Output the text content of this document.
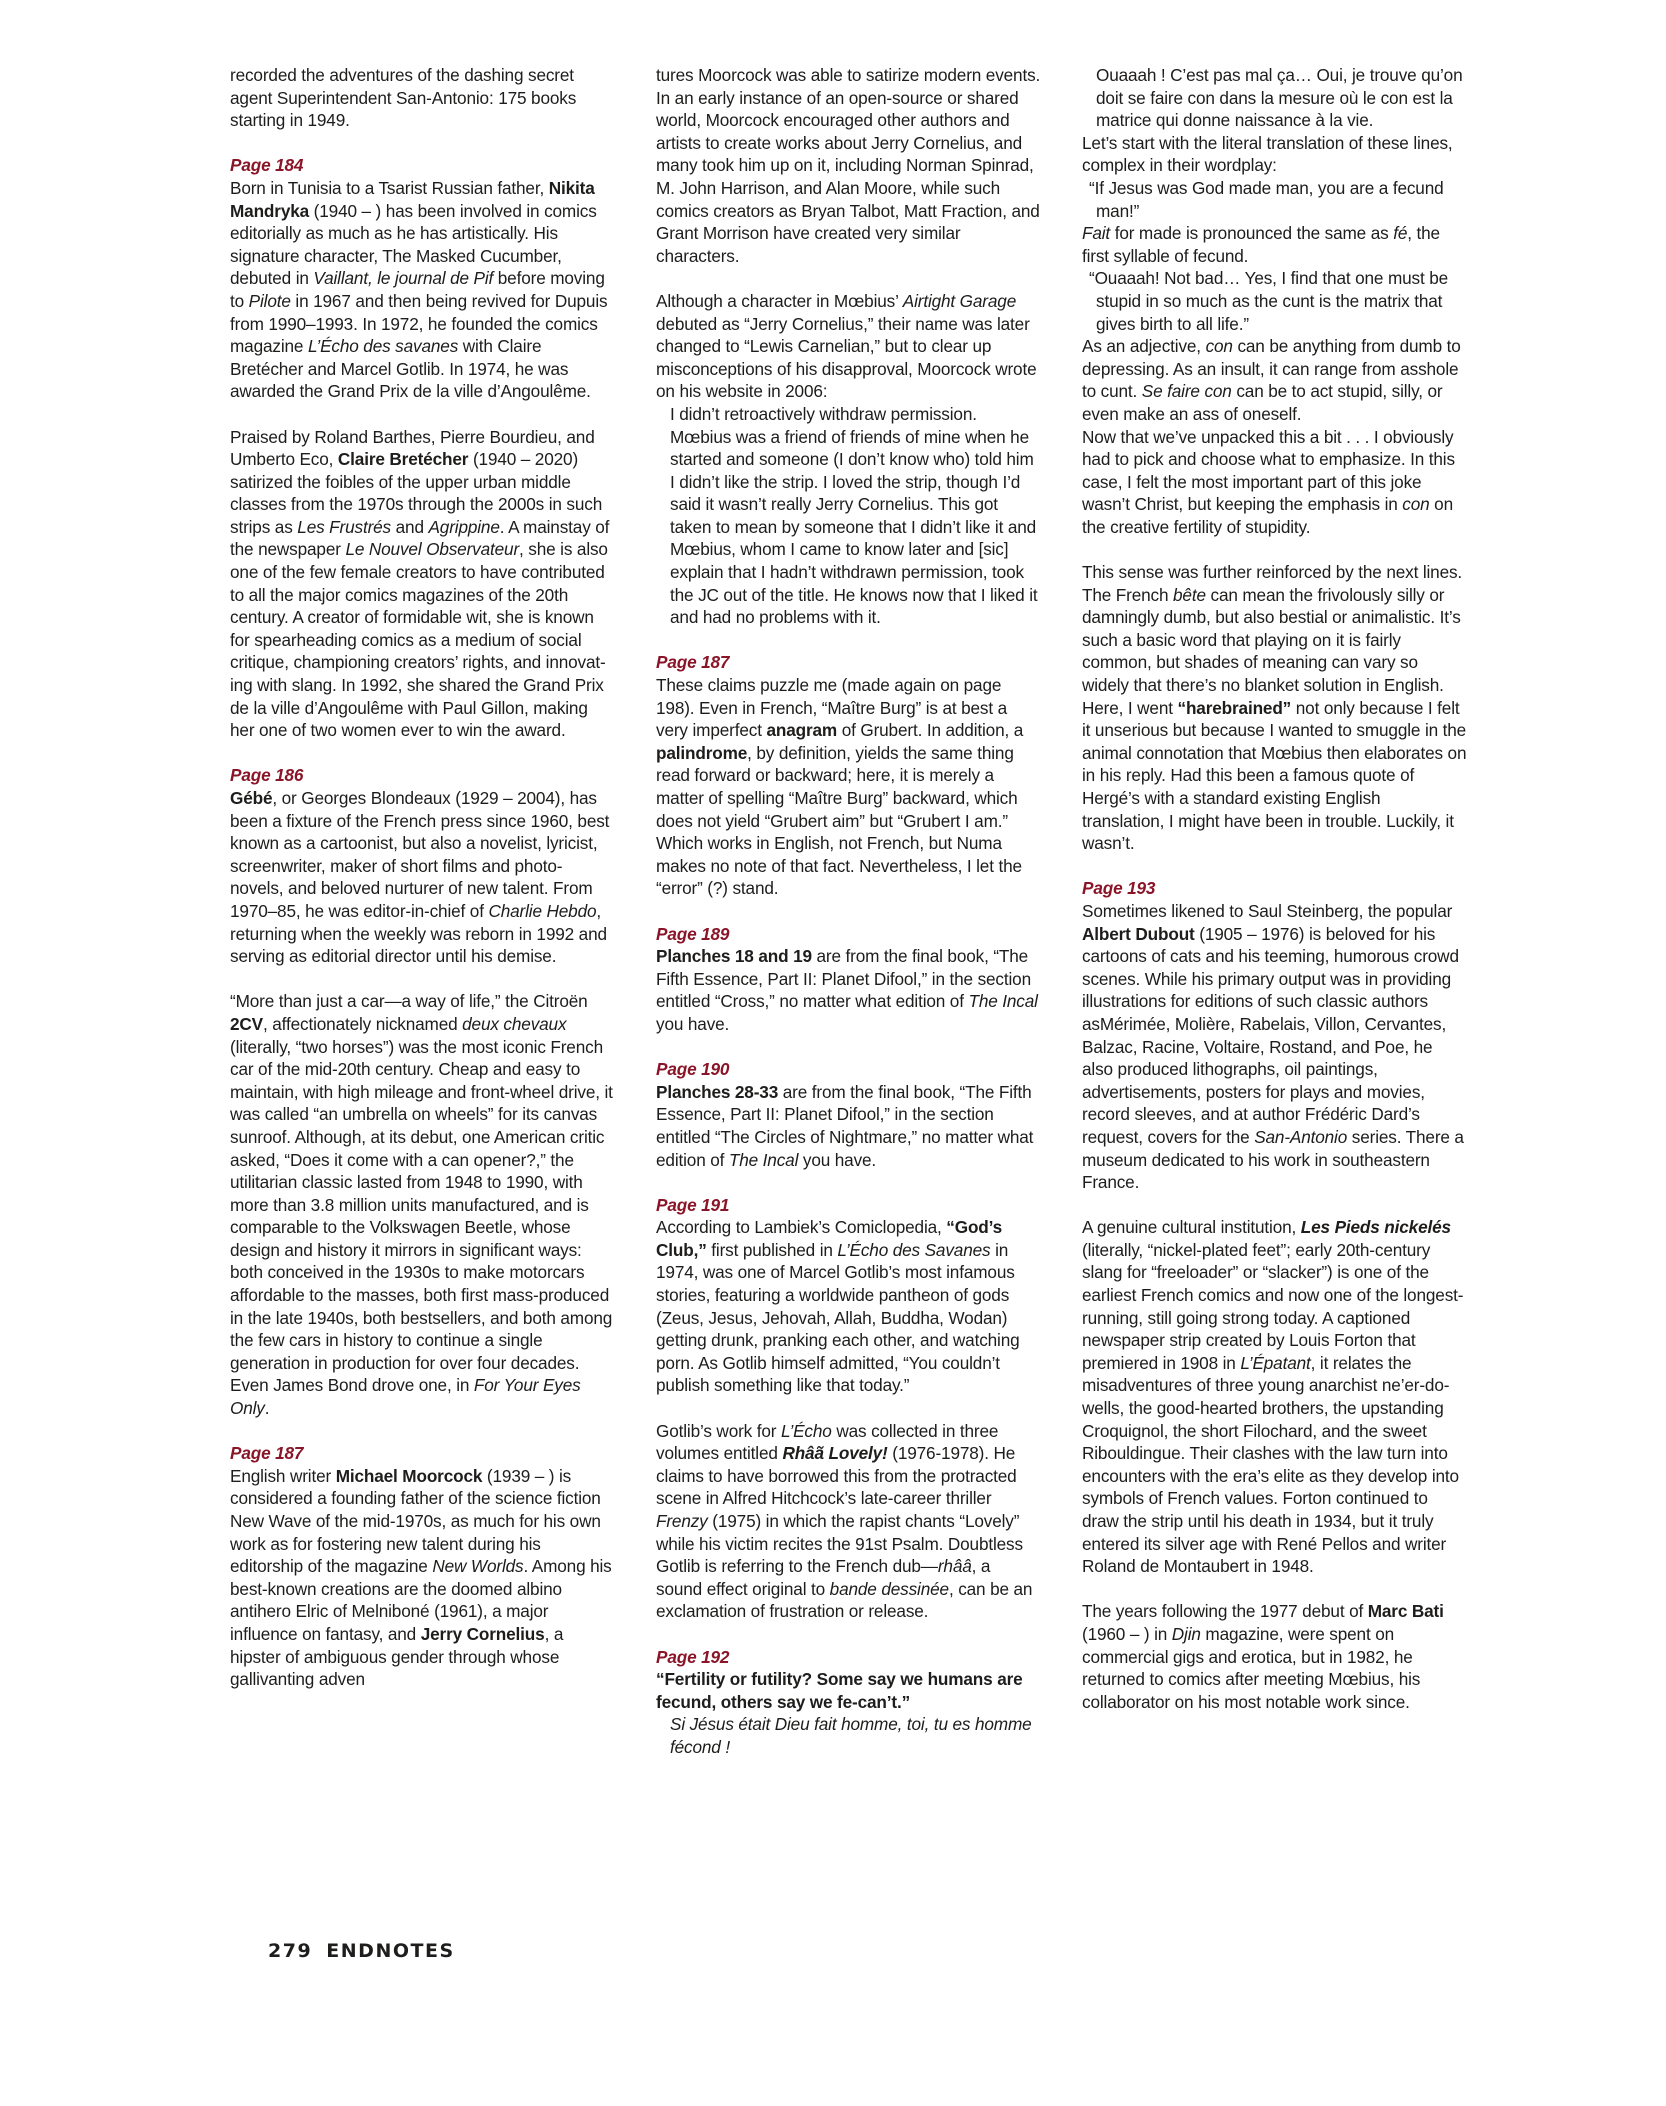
recorded the adventures of the dashing secret agent Superintendent San-Antonio: 175 books starting in 1949.

Page 184

Born in Tunisia to a Tsarist Russian father, Nikita Mandryka (1940 – ) has been involved in comics editorially as much as he has artistically. His signature character, The Masked Cucumber, debuted in Vaillant, le journal de Pif before moving to Pilote in 1967 and then being revived for Dupuis from 1990–1993. In 1972, he founded the comics magazine L’Écho des savanes with Claire Bretécher and Marcel Gotlib. In 1974, he was awarded the Grand Prix de la ville d’Angoulême.

Praised by Roland Barthes, Pierre Bourdieu, and Umberto Eco, Claire Bretécher (1940 – 2020) satirized the foibles of the upper urban middle classes from the 1970s through the 2000s in such strips as Les Frustrés and Agrippine. A mainstay of the newspaper Le Nouvel Observateur, she is also one of the few female creators to have contributed to all the major comics magazines of the 20th century. A creator of formidable wit, she is known for spearheading comics as a medium of social critique, championing creators’ rights, and innovating with slang. In 1992, she shared the Grand Prix de la ville d’Angoulême with Paul Gillon, making her one of two women ever to win the award.

Page 186

Gébé, or Georges Blondeaux (1929 – 2004), has been a fixture of the French press since 1960, best known as a cartoonist, but also a novelist, lyricist, screenwriter, maker of short films and photo-novels, and beloved nurturer of new talent. From 1970–85, he was editor-in-chief of Charlie Hebdo, returning when the weekly was reborn in 1992 and serving as editorial director until his demise.

“More than just a car—a way of life,” the Citroën 2CV, affectionately nicknamed deux chevaux (literally, “two horses”) was the most iconic French car of the mid-20th century. Cheap and easy to maintain, with high mileage and front-wheel drive, it was called “an umbrella on wheels” for its canvas sunroof. Although, at its debut, one American critic asked, “Does it come with a can opener?,” the utilitarian classic lasted from 1948 to 1990, with more than 3.8 million units manufactured, and is comparable to the Volkswagen Beetle, whose design and history it mirrors in significant ways: both conceived in the 1930s to make motorcars affordable to the masses, both first mass-produced in the late 1940s, both bestsellers, and both among the few cars in history to continue a single generation in production for over four decades. Even James Bond drove one, in For Your Eyes Only.

Page 187

English writer Michael Moorcock (1939 – ) is considered a founding father of the science fiction New Wave of the mid-1970s, as much for his own work as for fostering new talent during his editorship of the magazine New Worlds. Among his best-known creations are the doomed albino antihero Elric of Melniboné (1961), a major influence on fantasy, and Jerry Cornelius, a hipster of ambiguous gender through whose gallivanting adven

tures Moorcock was able to satirize modern events. In an early instance of an open-source or shared world, Moorcock encouraged other authors and artists to create works about Jerry Cornelius, and many took him up on it, including Norman Spinrad, M. John Harrison, and Alan Moore, while such comics creators as Bryan Talbot, Matt Fraction, and Grant Morrison have created very similar characters.

Although a character in Mœbius’ Airtight Garage debuted as “Jerry Cornelius,” their name was later changed to “Lewis Carnelian,” but to clear up misconceptions of his disapproval, Moorcock wrote on his website in 2006:

I didn’t retroactively withdraw permission. Mœbius was a friend of friends of mine when he started and someone (I don’t know who) told him I didn’t like the strip. I loved the strip, though I’d said it wasn’t really Jerry Cornelius. This got taken to mean by someone that I didn’t like it and Mœbius, whom I came to know later and [sic] explain that I hadn’t withdrawn permission, took the JC out of the title. He knows now that I liked it and had no problems with it.

Page 187

These claims puzzle me (made again on page 198). Even in French, “Maître Burg” is at best a very imperfect anagram of Grubert. In addition, a palindrome, by definition, yields the same thing read forward or backward; here, it is merely a matter of spelling “Maître Burg” backward, which does not yield “Grubert aim” but “Grubert I am.” Which works in English, not French, but Numa makes no note of that fact. Nevertheless, I let the “error” (?) stand.

Page 189

Planches 18 and 19 are from the final book, “The Fifth Essence, Part II: Planet Difool,” in the section entitled “Cross,” no matter what edition of The Incal you have.

Page 190

Planches 28-33 are from the final book, “The Fifth Essence, Part II: Planet Difool,” in the section entitled “The Circles of Nightmare,” no matter what edition of The Incal you have.

Page 191

According to Lambiek’s Comiclopedia, “God’s Club,” first published in L’Écho des Savanes in 1974, was one of Marcel Gotlib’s most infamous stories, featuring a worldwide pantheon of gods (Zeus, Jesus, Jehovah, Allah, Buddha, Wodan) getting drunk, pranking each other, and watching porn. As Gotlib himself admitted, “You couldn’t publish something like that today.”

Gotlib’s work for L’Écho was collected in three volumes entitled Rhâã Lovely! (1976-1978). He claims to have borrowed this from the protracted scene in Alfred Hitchcock’s late-career thriller Frenzy (1975) in which the rapist chants “Lovely” while his victim recites the 91st Psalm. Doubtless Gotlib is referring to the French dub—rhââ, a sound effect original to bande dessinée, can be an exclamation of frustration or release.

Page 192

“Fertility or futility? Some say we humans are fecund, others say we fe-can’t.”

Si Jésus était Dieu fait homme, toi, tu es homme fécond !

Ouaaah ! C’est pas mal ça… Oui, je trouve qu’on doit se faire con dans la mesure où le con est la matrice qui donne naissance à la vie.

Let’s start with the literal translation of these lines, complex in their wordplay:

“If Jesus was God made man, you are a fecund man!”

Fait for made is pronounced the same as fé, the first syllable of fecund.

“Ouaaah! Not bad… Yes, I find that one must be stupid in so much as the cunt is the matrix that gives birth to all life.”

As an adjective, con can be anything from dumb to depressing. As an insult, it can range from asshole to cunt. Se faire con can be to act stupid, silly, or even make an ass of oneself.

Now that we’ve unpacked this a bit . . . I obviously had to pick and choose what to emphasize. In this case, I felt the most important part of this joke wasn’t Christ, but keeping the emphasis in con on the creative fertility of stupidity.

This sense was further reinforced by the next lines. The French bête can mean the frivolously silly or damningly dumb, but also bestial or animalistic. It’s such a basic word that playing on it is fairly common, but shades of meaning can vary so widely that there’s no blanket solution in English. Here, I went “harebrained” not only because I felt it unserious but because I wanted to smuggle in the animal connotation that Mœbius then elaborates on in his reply. Had this been a famous quote of Hergé’s with a standard existing English translation, I might have been in trouble. Luckily, it wasn’t.

Page 193

Sometimes likened to Saul Steinberg, the popular Albert Dubout (1905 – 1976) is beloved for his cartoons of cats and his teeming, humorous crowd scenes. While his primary output was in providing illustrations for editions of such classic authors asMérimée, Molière, Rabelais, Villon, Cervantes, Balzac, Racine, Voltaire, Rostand, and Poe, he also produced lithographs, oil paintings, advertisements, posters for plays and movies, record sleeves, and at author Frédéric Dard’s request, covers for the San-Antonio series. There a museum dedicated to his work in southeastern France.

A genuine cultural institution, Les Pieds nickelés (literally, “nickel-plated feet”; early 20th-century slang for “freeloader” or “slacker”) is one of the earliest French comics and now one of the longest-running, still going strong today. A captioned newspaper strip created by Louis Forton that premiered in 1908 in L’Épatant, it relates the misadventures of three young anarchist ne’er-do-wells, the good-hearted brothers, the upstanding Croquignol, the short Filochard, and the sweet Ribouldingue. Their clashes with the law turn into encounters with the era’s elite as they develop into symbols of French values. Forton continued to draw the strip until his death in 1934, but it truly entered its silver age with René Pellos and writer Roland de Montaubert in 1948.

The years following the 1977 debut of Marc Bati (1960 – ) in Djin magazine, were spent on commercial gigs and erotica, but in 1982, he returned to comics after meeting Mœbius, his collaborator on his most notable work since.

279 ENDNOTES
